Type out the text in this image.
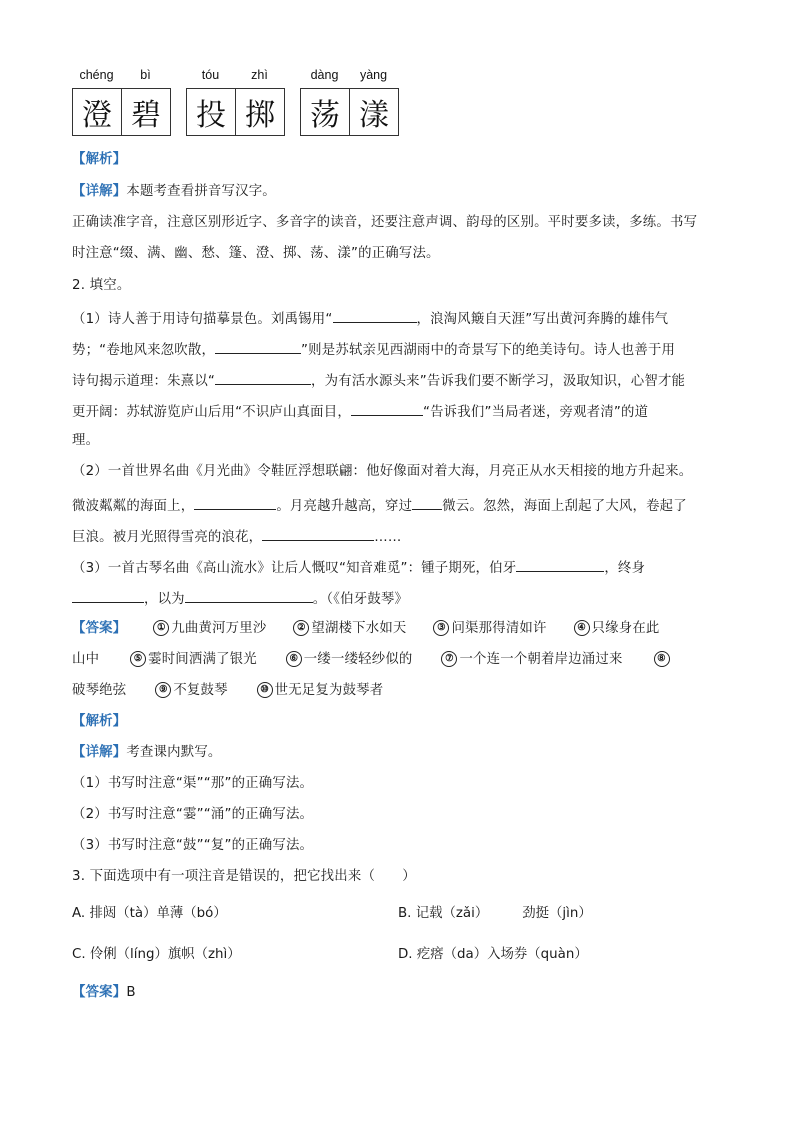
chéng	bì
澄 碧
tóu	zhì
投 掷
dàng	yàng
荡 漾
【解析】
【详解】本题考查看拼音写汉字。
正确读准字音，注意区别形近字、多音字的读音，还要注意声调、韵母的区别。平时要多读，多练。书写
时注意“缀、满、幽、愁、篷、澄、掷、荡、漾”的正确写法。
2. 填空。
（1）诗人善于用诗句描摹景色。刘禹锡用“	，浪淘风簸自天涯”写出黄河奔腾的雄伟气
势；“卷地风来忽吹散，	”则是苏轼亲见西湖雨中的奇景写下的绝美诗句。诗人也善于用
诗句揭示道理：朱熹以“	，为有活水源头来”告诉我们要不断学习，汲取知识，心智才能
更开阔：苏轼游览庐山后用“不识庐山真面目，	“告诉我们”当局者迷，旁观者清”的道
理。
（2）一首世界名曲《月光曲》令鞋匠浮想联翩：他好像面对着大海，月亮正从水天相接的地方升起来。
微波粼粼的海面上，	。月亮越升越高，穿过 微云。忽然，海面上刮起了大风，卷起了
巨浪。被月光照得雪亮的浪花，	……
（3）一首古琴名曲《高山流水》让后人慨叹“知音难觅”：锺子期死，伯牙	，终身
，以为	。（《伯牙鼓琴》
【答案】	① 九曲黄河万里沙	② 望湖楼下水如天	③ 问渠那得清如许	④ 只缘身在此
山中	⑤ 霎时间洒满了银光	⑥ 一缕一缕轻纱似的	⑦ 一个连一个朝着岸边涌过来	⑧
破琴绝弦	⑨ 不复鼓琴	⑩ 世无足复为鼓琴者
【解析】
【详解】考查课内默写。
（1）书写时注意“渠”“那”的正确写法。
（2）书写时注意“霎”“涌”的正确写法。
（3）书写时注意“鼓”“复”的正确写法。
3. 下面选项中有一项注音是错误的，把它找出来（　　）
A. 排闼（tà）单薄（bó）	B. 记载（zǎi）	劲挺（jìn）
C. 伶俐（líng）旗帜（zhì）	D. 疙瘩（da）入场券（quàn）
【答案】B
